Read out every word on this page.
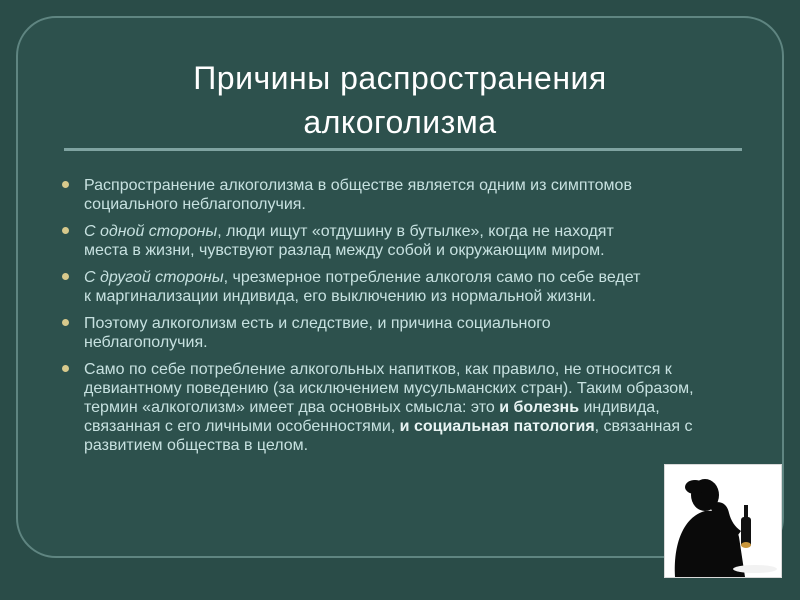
Причины распространения
алкоголизма
Распространение алкоголизма в обществе является одним из симптомов социального неблагополучия.
С одной стороны, люди ищут «отдушину в бутылке», когда не находят места в жизни, чувствуют разлад между собой и окружающим миром.
С другой стороны, чрезмерное потребление алкоголя само по себе ведет к маргинализации индивида, его выключению из нормальной жизни.
Поэтому алкоголизм есть и следствие, и причина социального неблагополучия.
Само по себе потребление алкогольных напитков, как правило, не относится к девиантному поведению (за исключением мусульманских стран). Таким образом, термин «алкоголизм» имеет два основных смысла: это и болезнь индивида, связанная с его личными особенностями, и социальная патология, связанная с развитием общества в целом.
